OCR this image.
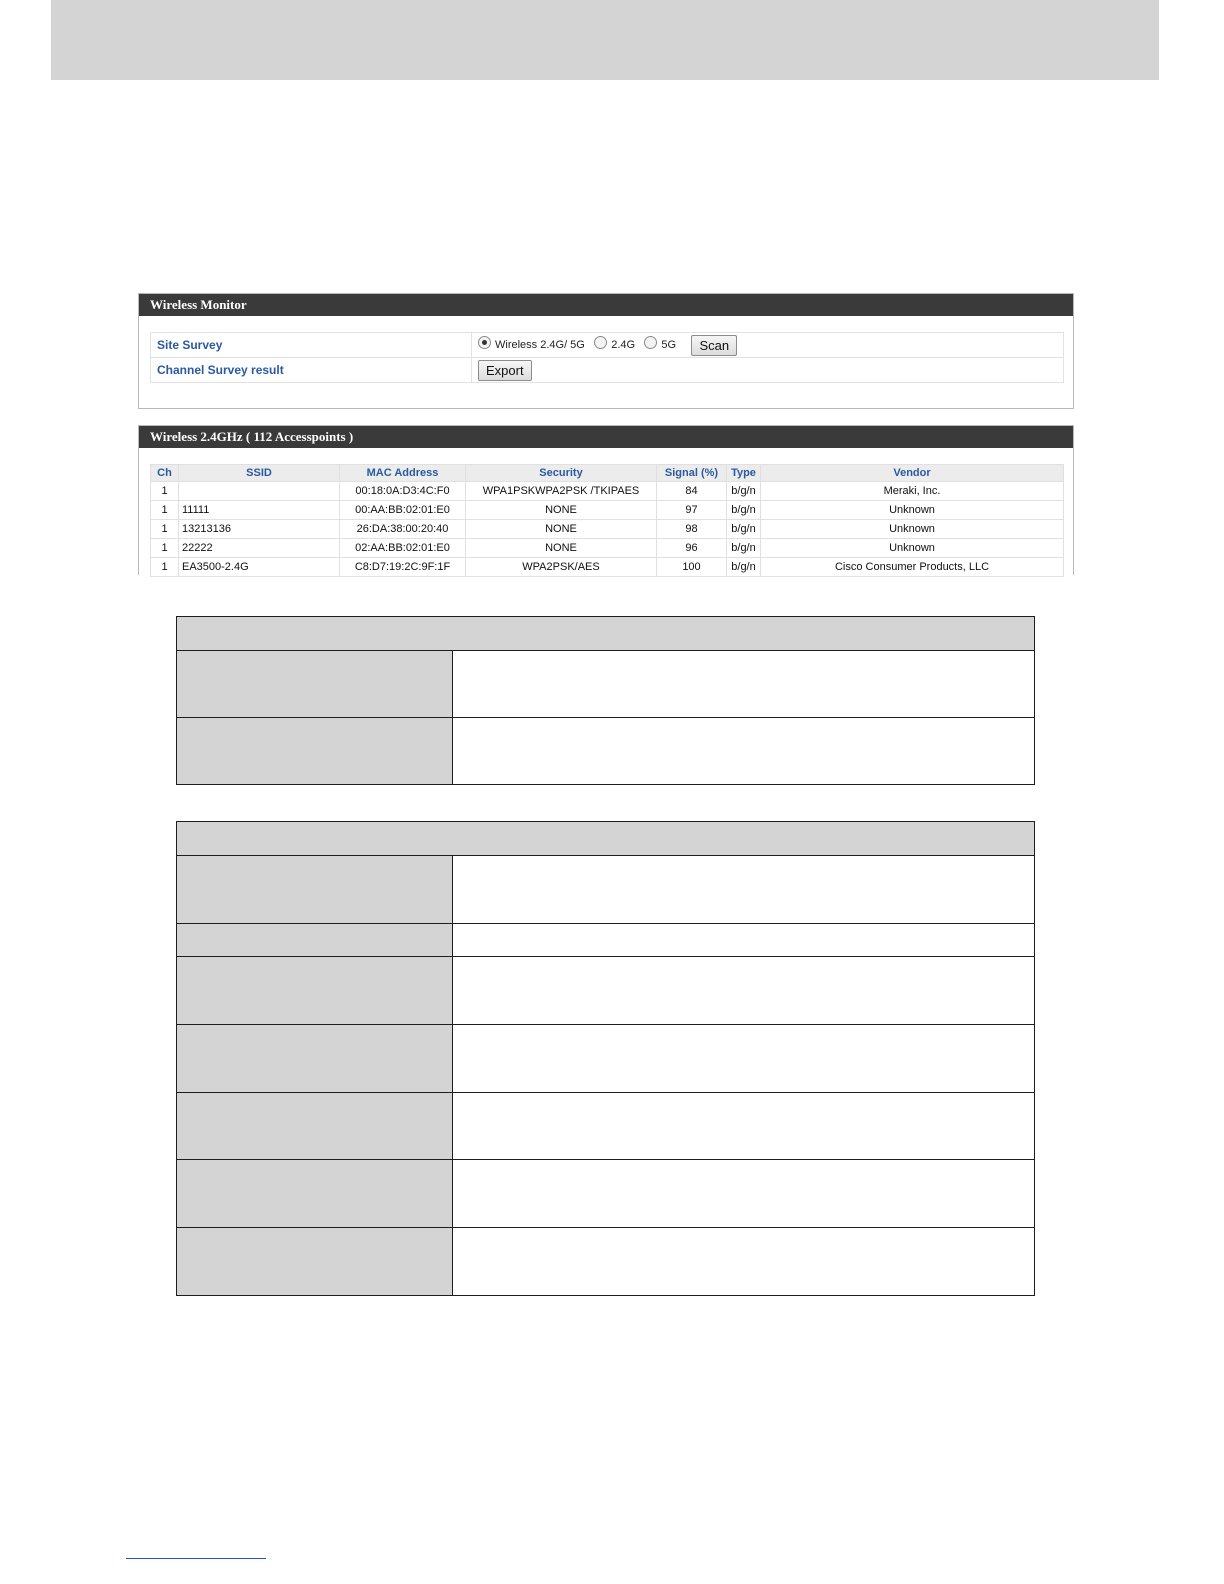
Wireless Monitor
Site Survey	Wireless 2.4G/ 5G 2.4G 5G Scan
Channel Survey result	Export
Wireless 2.4GHz ( 112 Accesspoints )
Ch	SSID	MAC Address	Security	Signal (%)	Type	Vendor
1		00:18:0A:D3:4C:F0	WPA1PSKWPA2PSK /TKIPAES	84	b/g/n	Meraki, Inc.
1	11111	00:AA:BB:02:01:E0	NONE	97	b/g/n	Unknown
1	13213136	26:DA:38:00:20:40	NONE	98	b/g/n	Unknown
1	22222	02:AA:BB:02:01:E0	NONE	96	b/g/n	Unknown
1	EA3500-2.4G	C8:D7:19:2C:9F:1F	WPA2PSK/AES	100	b/g/n	Cisco Consumer Products, LLC
